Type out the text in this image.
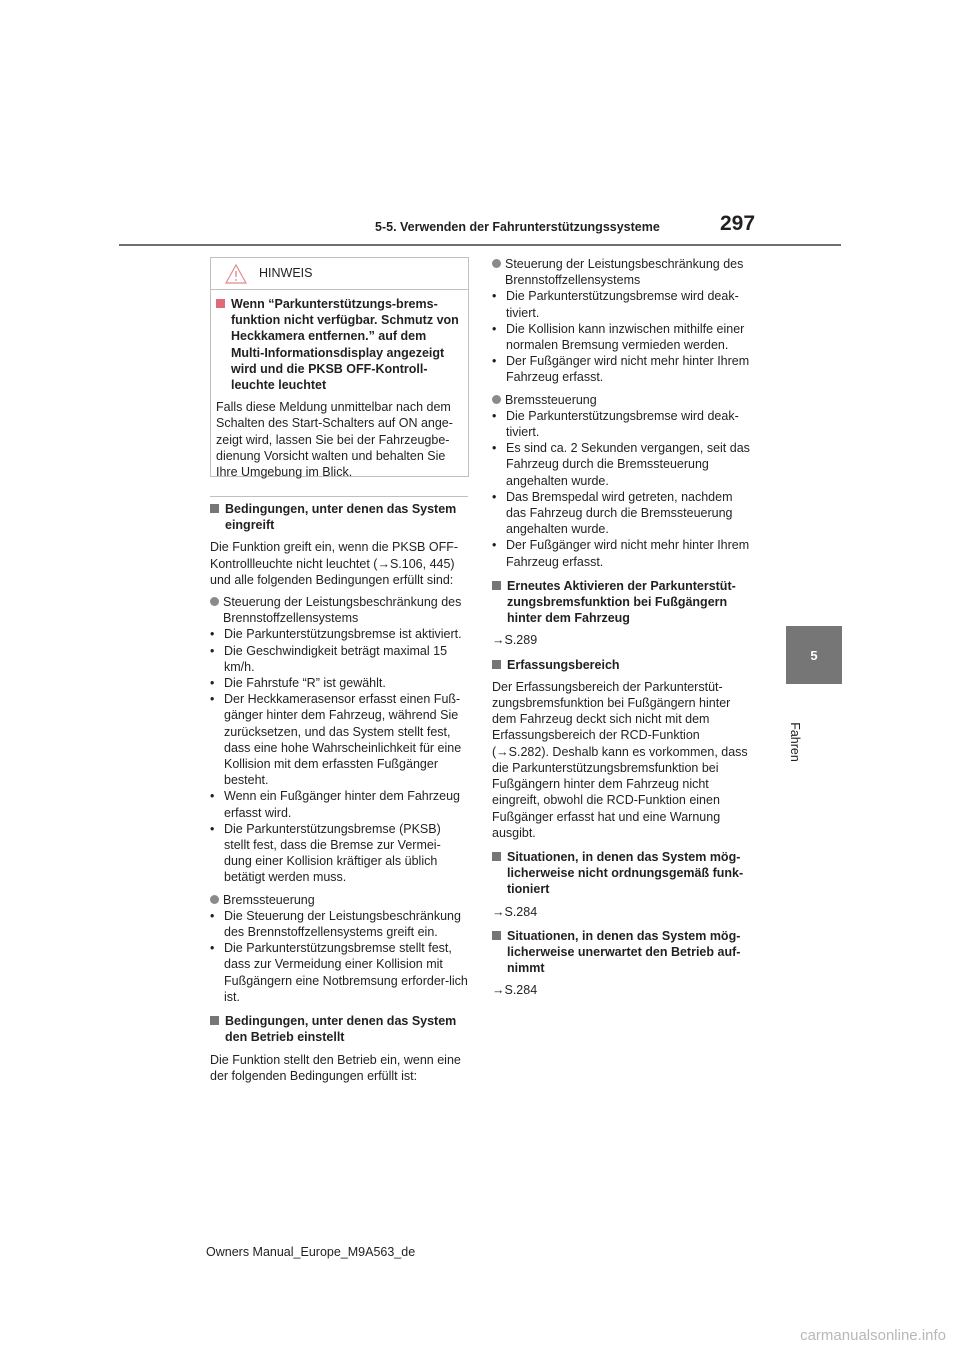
297
5-5. Verwenden der Fahrunterstützungssysteme
5
Fahren
HINWEIS
Wenn “Parkunterstützungs-brems-funktion nicht verfügbar. Schmutz von Heckkamera entfernen.” auf dem Multi-Informationsdisplay angezeigt wird und die PKSB OFF-Kontroll-leuchte leuchtet
Falls diese Meldung unmittelbar nach dem Schalten des Start-Schalters auf ON ange-zeigt wird, lassen Sie bei der Fahrzeugbe-dienung Vorsicht walten und behalten Sie Ihre Umgebung im Blick.
Bedingungen, unter denen das System eingreift
Die Funktion greift ein, wenn die PKSB OFF-Kontrollleuchte nicht leuchtet (→S.106, 445) und alle folgenden Bedingungen erfüllt sind:
Steuerung der Leistungsbeschränkung des Brennstoffzellensystems
• Die Parkunterstützungsbremse ist aktiviert.
• Die Geschwindigkeit beträgt maximal 15 km/h.
• Die Fahrstufe “R” ist gewählt.
• Der Heckkamerasensor erfasst einen Fuß-gänger hinter dem Fahrzeug, während Sie zurücksetzen, und das System stellt fest, dass eine hohe Wahrscheinlichkeit für eine Kollision mit dem erfassten Fußgänger besteht.
• Wenn ein Fußgänger hinter dem Fahrzeug erfasst wird.
• Die Parkunterstützungsbremse (PKSB) stellt fest, dass die Bremse zur Vermei-dung einer Kollision kräftiger als üblich betätigt werden muss.
Bremssteuerung
• Die Steuerung der Leistungsbeschränkung des Brennstoffzellensystems greift ein.
• Die Parkunterstützungsbremse stellt fest, dass zur Vermeidung einer Kollision mit Fußgängern eine Notbremsung erforder-lich ist.
Bedingungen, unter denen das System den Betrieb einstellt
Die Funktion stellt den Betrieb ein, wenn eine der folgenden Bedingungen erfüllt ist:
Steuerung der Leistungsbeschränkung des Brennstoffzellensystems
• Die Parkunterstützungsbremse wird deak-tiviert.
• Die Kollision kann inzwischen mithilfe einer normalen Bremsung vermieden werden.
• Der Fußgänger wird nicht mehr hinter Ihrem Fahrzeug erfasst.
Bremssteuerung
• Die Parkunterstützungsbremse wird deak-tiviert.
• Es sind ca. 2 Sekunden vergangen, seit das Fahrzeug durch die Bremssteuerung angehalten wurde.
• Das Bremspedal wird getreten, nachdem das Fahrzeug durch die Bremssteuerung angehalten wurde.
• Der Fußgänger wird nicht mehr hinter Ihrem Fahrzeug erfasst.
Erneutes Aktivieren der Parkunterstüt-zungsbremsfunktion bei Fußgängern hinter dem Fahrzeug
→S.289
Erfassungsbereich
Der Erfassungsbereich der Parkunterstüt-zungsbremsfunktion bei Fußgängern hinter dem Fahrzeug deckt sich nicht mit dem Erfassungsbereich der RCD-Funktion (→S.282). Deshalb kann es vorkommen, dass die Parkunterstützungsbremsfunktion bei Fußgängern hinter dem Fahrzeug nicht eingreift, obwohl die RCD-Funktion einen Fußgänger erfasst hat und eine Warnung ausgibt.
Situationen, in denen das System mög-licherweise nicht ordnungsgemäß funk-tioniert
→S.284
Situationen, in denen das System mög-licherweise unerwartet den Betrieb auf-nimmt
→S.284
Owners Manual_Europe_M9A563_de
carmanualsonline.info
